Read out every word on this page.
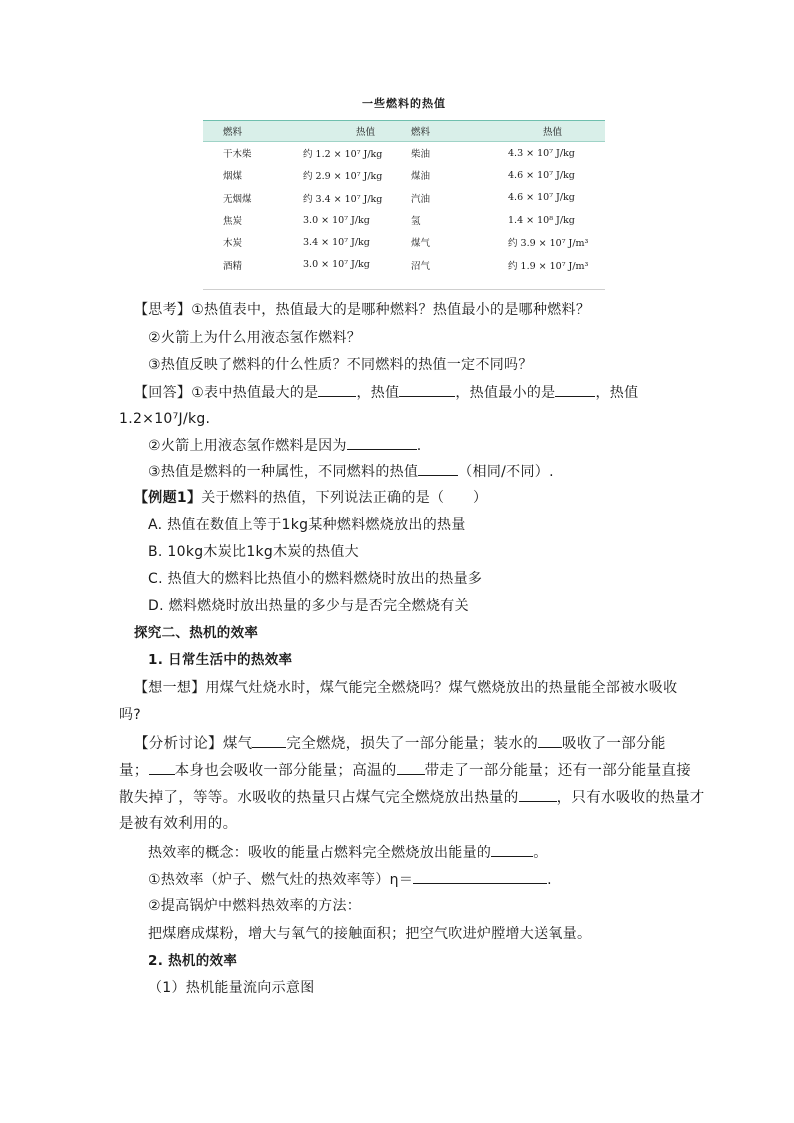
一些燃料的热值
燃料	热值	燃料	热值
干木柴	约 1.2 × 10⁷ J/kg	柴油	4.3 × 10⁷ J/kg
烟煤	约 2.9 × 10⁷ J/kg	煤油	4.6 × 10⁷ J/kg
无烟煤	约 3.4 × 10⁷ J/kg	汽油	4.6 × 10⁷ J/kg
焦炭	3.0 × 10⁷ J/kg	氢	1.4 × 10⁸ J/kg
木炭	3.4 × 10⁷ J/kg	煤气	约 3.9 × 10⁷ J/m³
酒精	3.0 × 10⁷ J/kg	沼气	约 1.9 × 10⁷ J/m³
【思考】①热值表中，热值最大的是哪种燃料？热值最小的是哪种燃料？
②火箭上为什么用液态氢作燃料？
③热值反映了燃料的什么性质？不同燃料的热值一定不同吗？
【回答】①表中热值最大的是	，热值	，热值最小的是	，热值
1.2×10⁷J/kg.
②火箭上用液态氢作燃料是因为	.
③热值是燃料的一种属性，不同燃料的热值	（相同/不同）.
【例题1】关于燃料的热值，下列说法正确的是（　　）
A. 热值在数值上等于1kg某种燃料燃烧放出的热量
B. 10kg木炭比1kg木炭的热值大
C. 热值大的燃料比热值小的燃料燃烧时放出的热量多
D. 燃料燃烧时放出热量的多少与是否完全燃烧有关
探究二、热机的效率
1. 日常生活中的热效率
【想一想】用煤气灶烧水时，煤气能完全燃烧吗？煤气燃烧放出的热量能全部被水吸收
吗?
【分析讨论】煤气 完全燃烧，损失了一部分能量；装水的 吸收了一部分能
量； 本身也会吸收一部分能量；高温的 带走了一部分能量；还有一部分能量直接
散失掉了，等等。水吸收的热量只占煤气完全燃烧放出热量的	，只有水吸收的热量才
是被有效利用的。
热效率的概念：吸收的能量占燃料完全燃烧放出能量的	。
①热效率（炉子、燃气灶的热效率等）η＝	.
②提高锅炉中燃料热效率的方法：
把煤磨成煤粉，增大与氧气的接触面积；把空气吹进炉膛增大送氧量。
2. 热机的效率
（1）热机能量流向示意图
